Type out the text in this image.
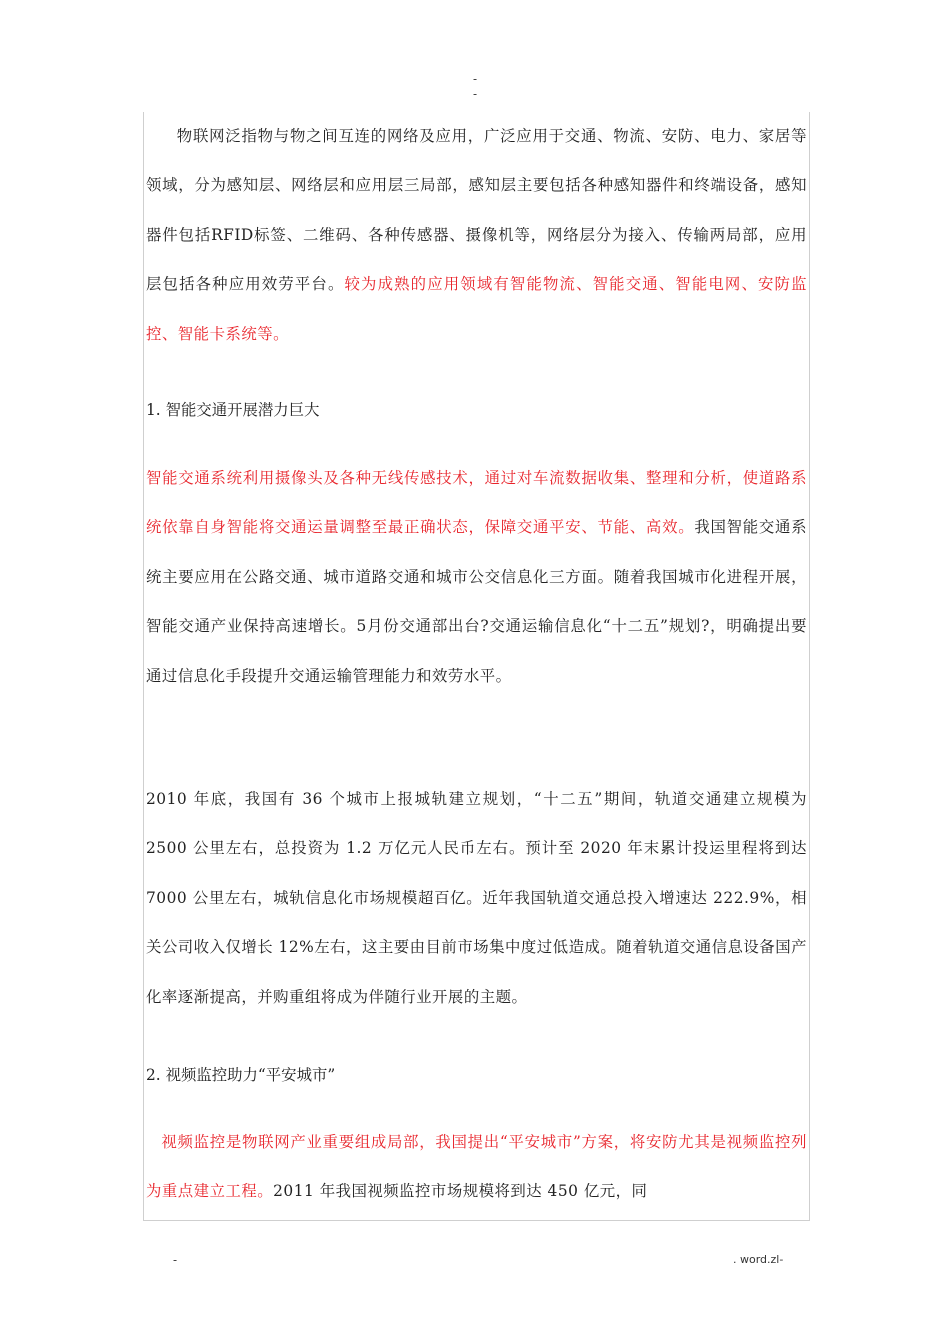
-
-

物联网泛指物与物之间互连的网络及应用，广泛应用于交通、物流、安防、电力、家居等领域，分为感知层、网络层和应用层三局部，感知层主要包括各种感知器件和终端设备，感知器件包括RFID标签、二维码、各种传感器、摄像机等，网络层分为接入、传输两局部，应用层包括各种应用效劳平台。较为成熟的应用领域有智能物流、智能交通、智能电网、安防监控、智能卡系统等。

1. 智能交通开展潜力巨大

智能交通系统利用摄像头及各种无线传感技术，通过对车流数据收集、整理和分析，使道路系统依靠自身智能将交通运量调整至最正确状态，保障交通平安、节能、高效。我国智能交通系统主要应用在公路交通、城市道路交通和城市公交信息化三方面。随着我国城市化进程开展，智能交通产业保持高速增长。5月份交通部出台?交通运输信息化“十二五”规划?，明确提出要通过信息化手段提升交通运输管理能力和效劳水平。

2010 年底，我国有 36 个城市上报城轨建立规划，“十二五”期间，轨道交通建立规模为 2500 公里左右，总投资为 1.2 万亿元人民币左右。预计至 2020 年末累计投运里程将到达 7000 公里左右，城轨信息化市场规模超百亿。近年我国轨道交通总投入增速达 222.9%，相关公司收入仅增长 12%左右，这主要由目前市场集中度过低造成。随着轨道交通信息设备国产化率逐渐提高，并购重组将成为伴随行业开展的主题。

2. 视频监控助力“平安城市”

视频监控是物联网产业重要组成局部，我国提出“平安城市”方案，将安防尤其是视频监控列为重点建立工程。2011 年我国视频监控市场规模将到达 450 亿元，同

-	. word.zl-
